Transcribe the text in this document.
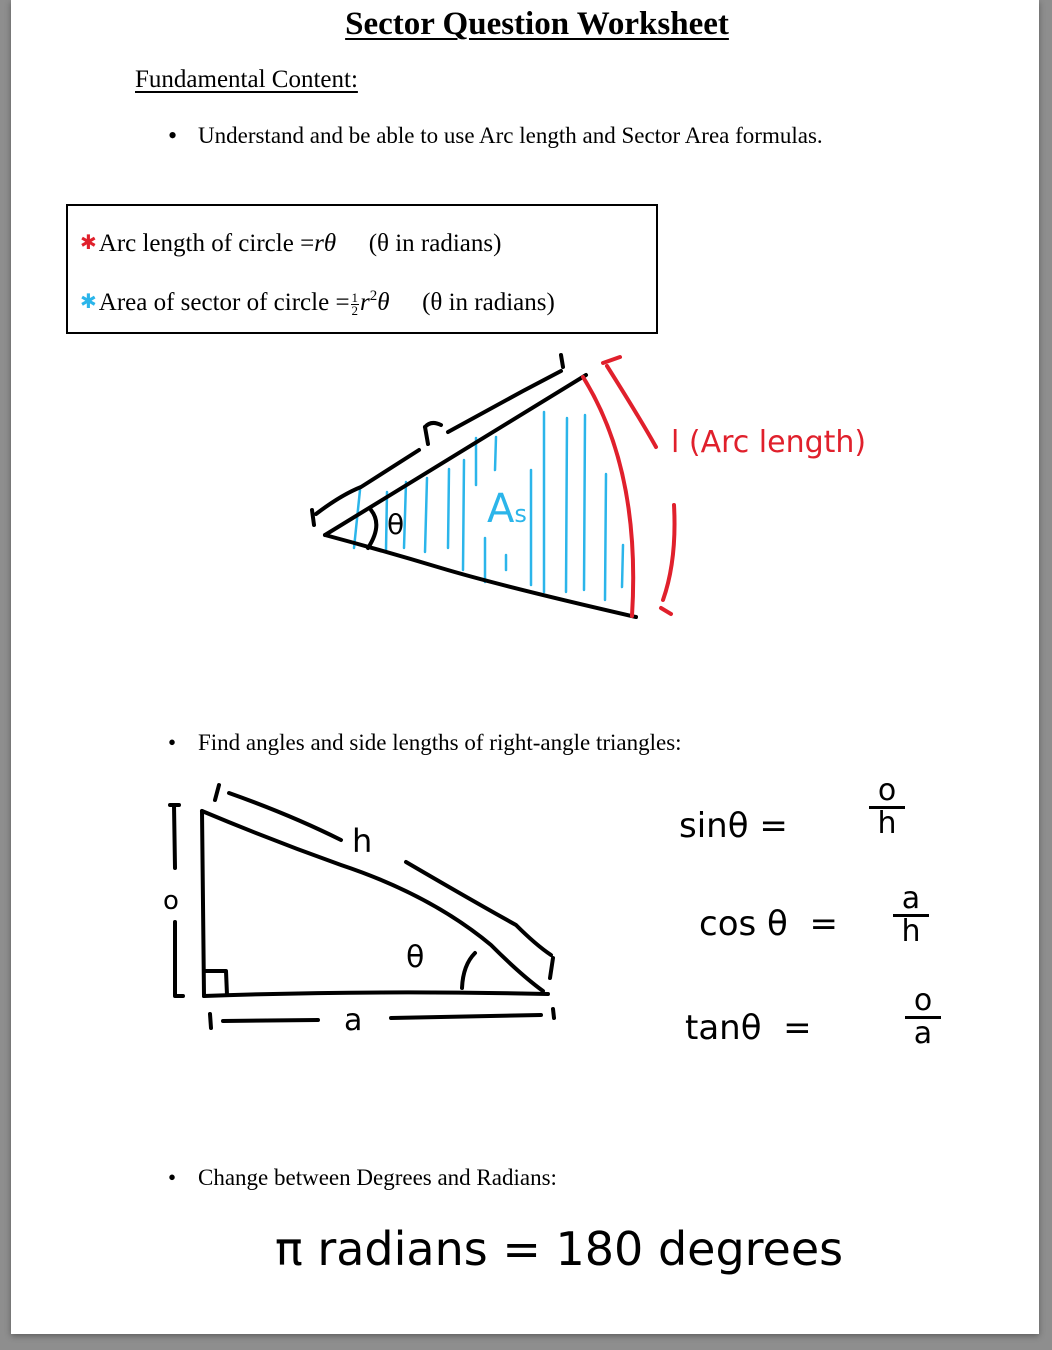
Sector Question Worksheet
Fundamental Content:
• Understand and be able to use Arc length and Sector Area formulas.
✱Arc length of circle =rθ (θ in radians)
✱Area of sector of circle = $\frac{1}{2} r^2\theta$ (θ in radians)
θ As
l (Arc length)
• Find angles and side lengths of right-angle triangles:
h
o
a
θ
sinθ =
o
h
cos θ =
a
h
tanθ =
o
a
• Change between Degrees and Radians:
π radians = 180 degrees
